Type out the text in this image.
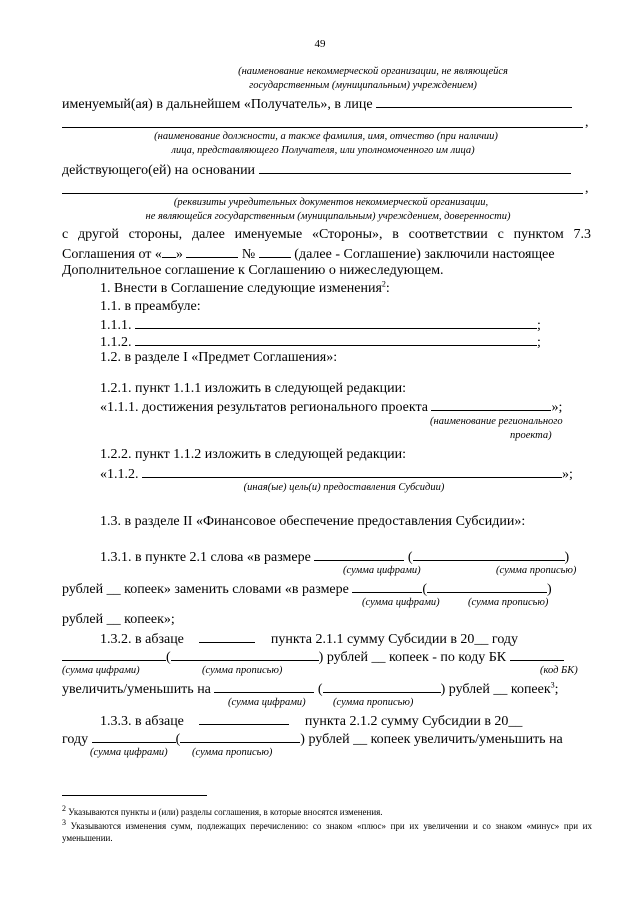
49
(наименование некоммерческой организации, не являющейся
государственным (муниципальным) учреждением)
именуемый(ая) в дальнейшем «Получатель», в лице
,
(наименование должности, а также фамилия, имя, отчество (при наличии)
лица, представляющего Получателя, или уполномоченного им лица)
действующего(ей) на основании
,
(реквизиты учредительных документов некоммерческой организации,
не являющейся государственным (муниципальным) учреждением, доверенности)
с другой стороны, далее именуемые «Стороны», в соответствии с пунктом 7.3
Соглашения от « »	№	(далее - Соглашение) заключили настоящее
Дополнительное соглашение к Соглашению о нижеследующем.
1. Внести в Соглашение следующие изменения$^2$:
1.1. в преамбуле:
1.1.1.	;
1.1.2.	;
1.2. в разделе I «Предмет Соглашения»:
1.2.1. пункт 1.1.1 изложить в следующей редакции:
«1.1.1. достижения результатов регионального проекта	»;
(наименование регионального
проекта)
1.2.2. пункт 1.1.2 изложить в следующей редакции:
«1.1.2.	»;
(иная(ые) цель(и) предоставления Субсидии)
1.3. в разделе II «Финансовое обеспечение предоставления Субсидии»:
1.3.1. в пункте 2.1 слова «в размере	(	)
(сумма цифрами)	(сумма прописью)
рублей __ копеек» заменить словами «в размере	(	)
(сумма цифрами)	(сумма прописью)
рублей __ копеек»;
1.3.2. в абзаце	пункта 2.1.1 сумму Субсидии в 20__ году
(	) рублей __ копеек - по коду БК
(сумма цифрами)	(сумма прописью)	(код БК)
увеличить/уменьшить на	(	) рублей __ копеек$^3$;
(сумма цифрами)	(сумма прописью)
1.3.3. в абзаце	пункта 2.1.2 сумму Субсидии в 20__
году	(	) рублей __ копеек увеличить/уменьшить на
(сумма цифрами) (сумма прописью)
$^2$ Указываются пункты и (или) разделы соглашения, в которые вносятся изменения.
$^3$ Указываются изменения сумм, подлежащих перечислению: со знаком «плюс» при их увеличении и со знаком «минус» при их уменьшении.
